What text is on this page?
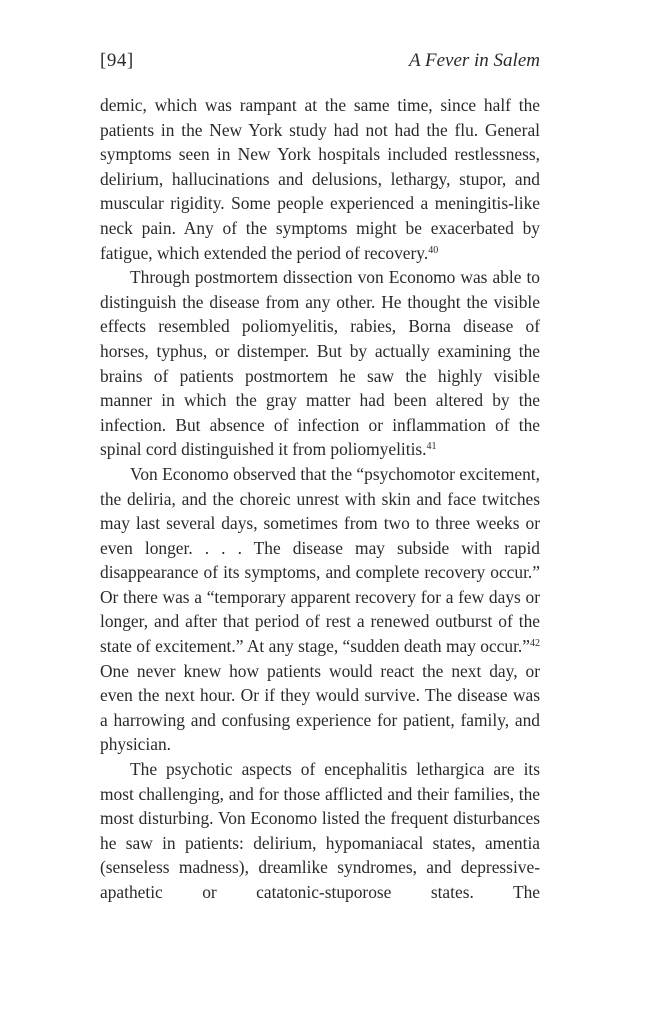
[94]	A Fever in Salem

demic, which was rampant at the same time, since half the patients in the New York study had not had the flu. General symptoms seen in New York hospitals included restlessness, delirium, hallucinations and delusions, lethargy, stupor, and muscular rigidity. Some people experienced a meningitis-like neck pain. Any of the symptoms might be exacerbated by fatigue, which extended the period of recovery.$^{40}$

Through postmortem dissection von Economo was able to distinguish the disease from any other. He thought the visible effects resembled poliomyelitis, rabies, Borna disease of horses, typhus, or distemper. But by actually examining the brains of patients postmortem he saw the highly visible manner in which the gray matter had been altered by the infection. But absence of infection or inflammation of the spinal cord distinguished it from poliomyelitis.$^{41}$

Von Economo observed that the “psychomotor excitement, the deliria, and the choreic unrest with skin and face twitches may last several days, sometimes from two to three weeks or even longer. . . . The disease may subside with rapid disappearance of its symptoms, and complete recovery occur.” Or there was a “temporary apparent recovery for a few days or longer, and after that period of rest a renewed outburst of the state of excitement.” At any stage, “sudden death may occur.”$^{42}$ One never knew how patients would react the next day, or even the next hour. Or if they would survive. The disease was a harrowing and confusing experience for patient, family, and physician.

The psychotic aspects of encephalitis lethargica are its most challenging, and for those afflicted and their families, the most disturbing. Von Economo listed the frequent disturbances he saw in patients: delirium, hypomaniacal states, amentia (senseless madness), dreamlike syndromes, and depressive-apathetic or catatonic-stuporose states. The
